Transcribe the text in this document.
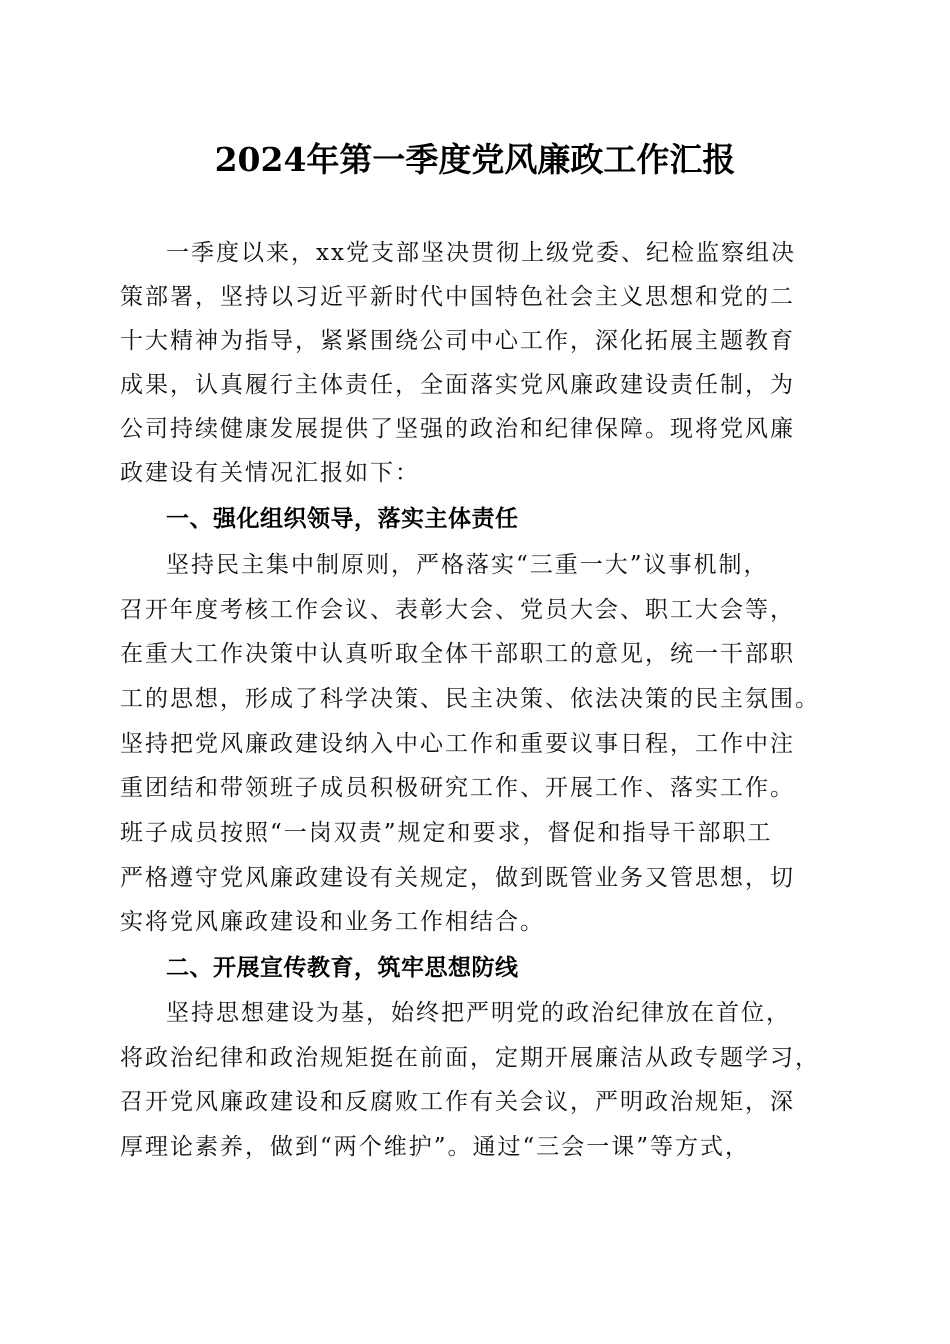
2024年第一季度党风廉政工作汇报
一季度以来，xx党支部坚决贯彻上级党委、纪检监察组决
策部署，坚持以习近平新时代中国特色社会主义思想和党的二
十大精神为指导，紧紧围绕公司中心工作，深化拓展主题教育
成果，认真履行主体责任，全面落实党风廉政建设责任制，为
公司持续健康发展提供了坚强的政治和纪律保障。现将党风廉
政建设有关情况汇报如下：
一、强化组织领导，落实主体责任
坚持民主集中制原则，严格落实“三重一大”议事机制，
召开年度考核工作会议、表彰大会、党员大会、职工大会等，
在重大工作决策中认真听取全体干部职工的意见，统一干部职
工的思想，形成了科学决策、民主决策、依法决策的民主氛围。
坚持把党风廉政建设纳入中心工作和重要议事日程，工作中注
重团结和带领班子成员积极研究工作、开展工作、落实工作。
班子成员按照“一岗双责”规定和要求，督促和指导干部职工
严格遵守党风廉政建设有关规定，做到既管业务又管思想，切
实将党风廉政建设和业务工作相结合。
二、开展宣传教育，筑牢思想防线
坚持思想建设为基，始终把严明党的政治纪律放在首位，
将政治纪律和政治规矩挺在前面，定期开展廉洁从政专题学习，
召开党风廉政建设和反腐败工作有关会议，严明政治规矩，深
厚理论素养，做到“两个维护”。通过“三会一课”等方式，
